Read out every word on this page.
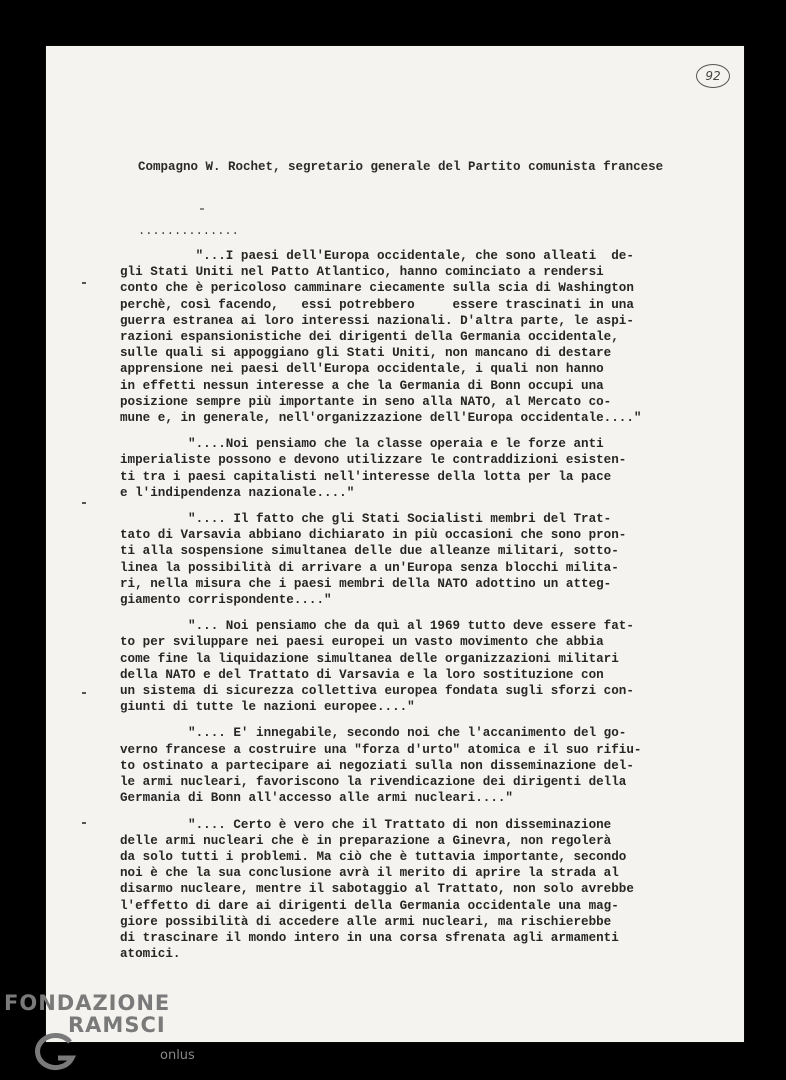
92
Compagno W. Rochet, segretario generale del Partito comunista francese
..............
"...I paesi dell'Europa occidentale, che sono alleati  de-
gli Stati Uniti nel Patto Atlantico, hanno cominciato a rendersi
conto che è pericoloso camminare ciecamente sulla scia di Washington
perchè, così facendo,   essi potrebbero     essere trascinati in una
guerra estranea ai loro interessi nazionali. D'altra parte, le aspi-
razioni espansionistiche dei dirigenti della Germania occidentale,
sulle quali si appoggiano gli Stati Uniti, non mancano di destare
apprensione nei paesi dell'Europa occidentale, i quali non hanno
in effetti nessun interesse a che la Germania di Bonn occupi una
posizione sempre più importante in seno alla NATO, al Mercato co-
mune e, in generale, nell'organizzazione dell'Europa occidentale...."
"....Noi pensiamo che la classe operaia e le forze anti
imperialiste possono e devono utilizzare le contraddizioni esisten-
ti tra i paesi capitalisti nell'interesse della lotta per la pace
e l'indipendenza nazionale...."
".... Il fatto che gli Stati Socialisti membri del Trat-
tato di Varsavia abbiano dichiarato in più occasioni che sono pron-
ti alla sospensione simultanea delle due alleanze militari, sotto-
linea la possibilità di arrivare a un'Europa senza blocchi milita-
ri, nella misura che i paesi membri della NATO adottino un atteg-
giamento corrispondente...."
"... Noi pensiamo che da quì al 1969 tutto deve essere fat-
to per sviluppare nei paesi europei un vasto movimento che abbia
come fine la liquidazione simultanea delle organizzazioni militari
della NATO e del Trattato di Varsavia e la loro sostituzione con
un sistema di sicurezza collettiva europea fondata sugli sforzi con-
giunti di tutte le nazioni europee...."
".... E' innegabile, secondo noi che l'accanimento del go-
verno francese a costruire una "forza d'urto" atomica e il suo rifiu-
to ostinato a partecipare ai negoziati sulla non disseminazione del-
le armi nucleari, favoriscono la rivendicazione dei dirigenti della
Germania di Bonn all'accesso alle armi nucleari...."
".... Certo è vero che il Trattato di non disseminazione
delle armi nucleari che è in preparazione a Ginevra, non regolerà
da solo tutti i problemi. Ma ciò che è tuttavia importante, secondo
noi è che la sua conclusione avrà il merito di aprire la strada al
disarmo nucleare, mentre il sabotaggio al Trattato, non solo avrebbe
l'effetto di dare ai dirigenti della Germania occidentale una mag-
giore possibilità di accedere alle armi nucleari, ma rischierebbe
di trascinare il mondo intero in una corsa sfrenata agli armamenti
atomici.
FONDAZIONE
RAMSCI
onlus
